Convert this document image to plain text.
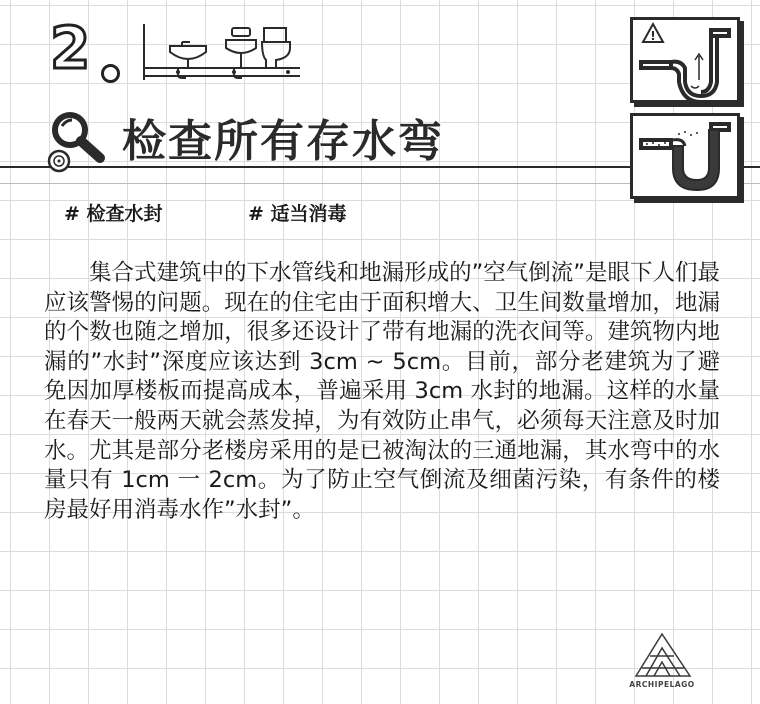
2
检查所有存水弯
# 检查水封	# 适当消毒
!

集合式建筑中的下水管线和地漏形成的”空气倒流”是眼下人们最应该警惕的问题。现在的住宅由于面积增大、卫生间数量增加，地漏的个数也随之增加，很多还设计了带有地漏的洗衣间等。建筑物内地漏的”水封”深度应该达到 3cm ~ 5cm。目前，部分老建筑为了避免因加厚楼板而提高成本，普遍采用 3cm 水封的地漏。这样的水量在春天一般两天就会蒸发掉，为有效防止串气，必须每天注意及时加水。尤其是部分老楼房采用的是已被淘汰的三通地漏，其水弯中的水量只有 1cm 一 2cm。为了防止空气倒流及细菌污染，有条件的楼房最好用消毒水作”水封”。

ARCHIPELAGO
